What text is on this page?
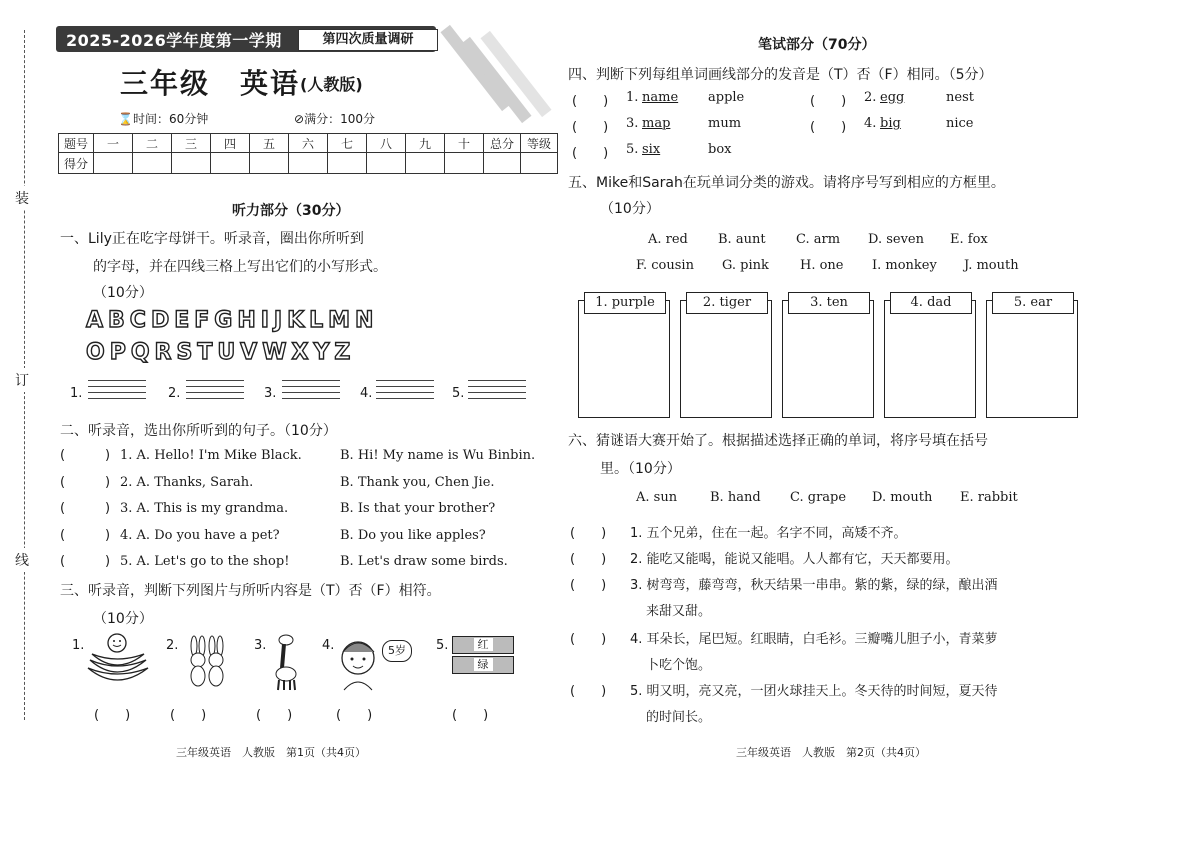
装
订
线
2025-2026学年度第一学期	第四次质量调研
三年级　英语 (人教版)
⌛时间：60分钟	⊘满分：100分
题号	一	二	三	四	五	六	七	八	九	十	总分	等级
得分												
听力部分（30分）
一、Lily正在吃字母饼干。听录音，圈出你所听到
的字母，并在四线三格上写出它们的小写形式。
（10分）
ABCDEFGHIJKLMN
OPQRSTUVWXYZ
1.	2.	3.	4.	5.
二、听录音，选出你所听到的句子。（10分）
(	) 1. A. Hello! I'm Mike Black.	B. Hi! My name is Wu Binbin.
(	) 2. A. Thanks, Sarah.	B. Thank you, Chen Jie.
(	) 3. A. This is my grandma.	B. Is that your brother?
(	) 4. A. Do you have a pet?	B. Do you like apples?
(	) 5. A. Let's go to the shop!	B. Let's draw some birds.
三、听录音，判断下列图片与所听内容是（T）否（F）相符。
（10分）
1.	2.	3.	4.	5岁	5.	红
绿
(　　)	(　　)	(　　)	(　　)	(　　)
三年级英语　人教版　第1页（共4页）
笔试部分（70分）
四、判断下列每组单词画线部分的发音是（T）否（F）相同。（5分）
(　　) 1. name apple	(　　) 2. egg	nest
(　　) 3. map	mum	(　　) 4. big	nice
(　　) 5. six	box
五、Mike和Sarah在玩单词分类的游戏。请将序号写到相应的方框里。
（10分）
A. red B. aunt C. arm D. seven E. fox
F. cousin G. pink H. one I. monkey J. mouth
1. purple	2. tiger	3. ten	4. dad	5. ear
六、猜谜语大赛开始了。根据描述选择正确的单词，将序号填在括号
里。（10分）
A. sun	B. hand C. grape D. mouth E. rabbit
(　　) 1. 五个兄弟，住在一起。名字不同，高矮不齐。
(　　) 2. 能吃又能喝，能说又能唱。人人都有它，天天都要用。
(　　) 3. 树弯弯，藤弯弯，秋天结果一串串。紫的紫，绿的绿，酿出酒
来甜又甜。
(　　) 4. 耳朵长，尾巴短。红眼睛，白毛衫。三瓣嘴儿胆子小，青菜萝
卜吃个饱。
(　　) 5. 明又明，亮又亮，一团火球挂天上。冬天待的时间短，夏天待
的时间长。
三年级英语　人教版　第2页（共4页）
